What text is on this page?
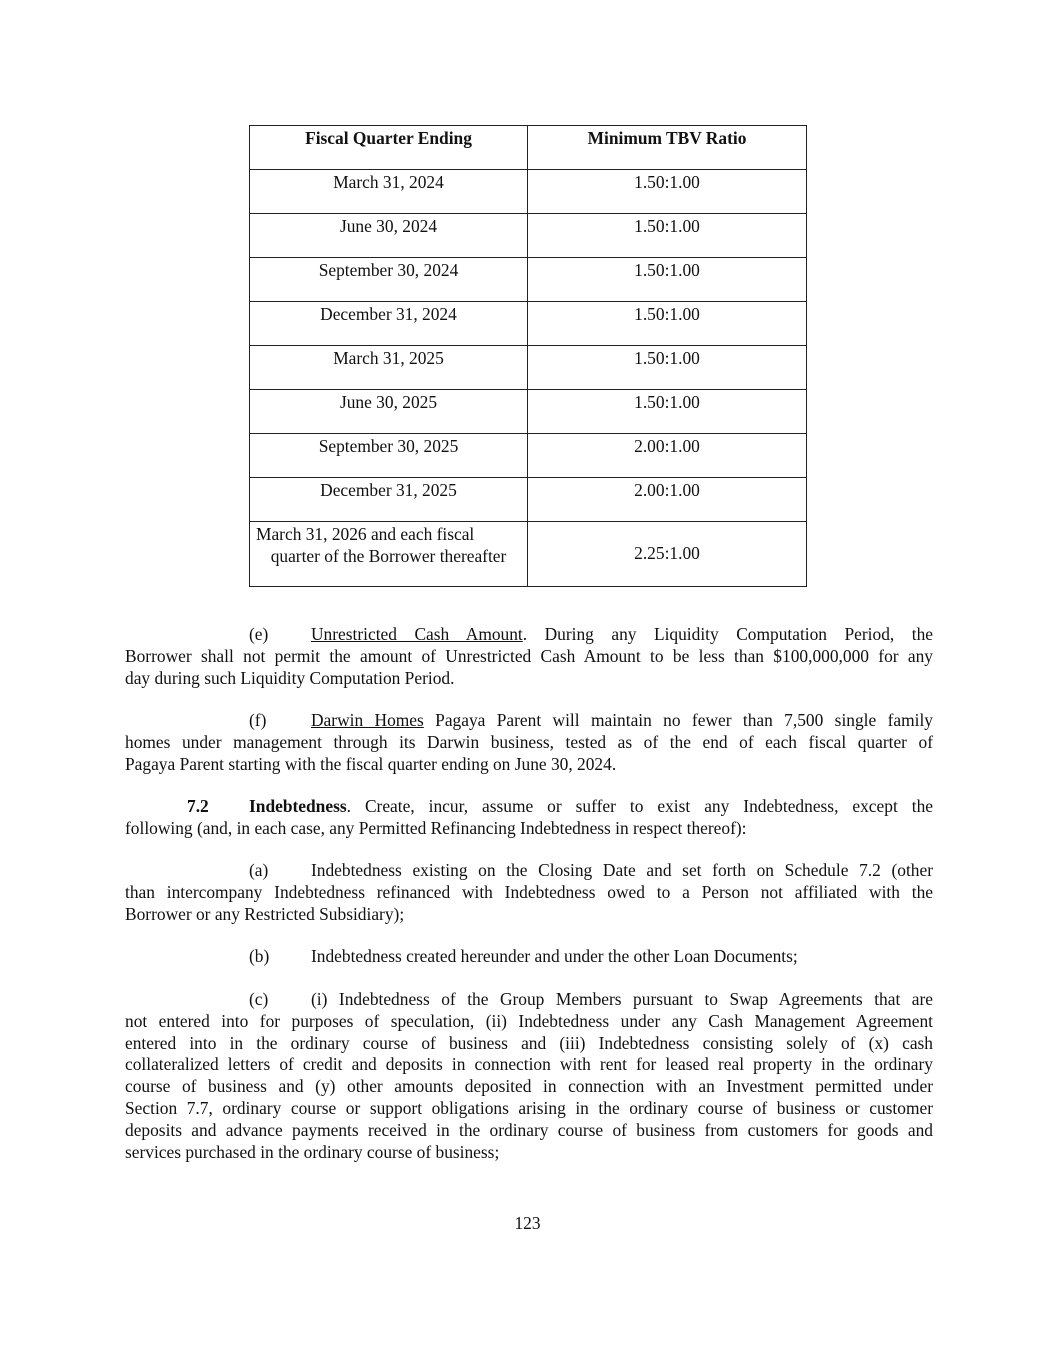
Fiscal Quarter Ending	Minimum TBV Ratio
March 31, 2024	1.50:1.00
June 30, 2024	1.50:1.00
September 30, 2024	1.50:1.00
December 31, 2024	1.50:1.00
March 31, 2025	1.50:1.00
June 30, 2025	1.50:1.00
September 30, 2025	2.00:1.00
December 31, 2025	2.00:1.00

March 31, 2026 and each fiscal
quarter of the Borrower thereafter	2.25:1.00
(e) Unrestricted Cash Amount. During any Liquidity Computation Period, the
Borrower shall not permit the amount of Unrestricted Cash Amount to be less than $100,000,000 for any
day during such Liquidity Computation Period.
(f)	Darwin Homes Pagaya Parent will maintain no fewer than 7,500 single family
homes under management through its Darwin business, tested as of the end of each fiscal quarter of
Pagaya Parent starting with the fiscal quarter ending on June 30, 2024.
7.2 Indebtedness. Create, incur, assume or suffer to exist any Indebtedness, except the
following (and, in each case, any Permitted Refinancing Indebtedness in respect thereof):
(a) Indebtedness existing on the Closing Date and set forth on Schedule 7.2 (other
than intercompany Indebtedness refinanced with Indebtedness owed to a Person not affiliated with the
Borrower or any Restricted Subsidiary);
(b) Indebtedness created hereunder and under the other Loan Documents;
(c) (i) Indebtedness of the Group Members pursuant to Swap Agreements that are
not entered into for purposes of speculation, (ii) Indebtedness under any Cash Management Agreement
entered into in the ordinary course of business and (iii) Indebtedness consisting solely of (x) cash
collateralized letters of credit and deposits in connection with rent for leased real property in the ordinary
course of business and (y) other amounts deposited in connection with an Investment permitted under
Section 7.7, ordinary course or support obligations arising in the ordinary course of business or customer
deposits and advance payments received in the ordinary course of business from customers for goods and
services purchased in the ordinary course of business;
123
